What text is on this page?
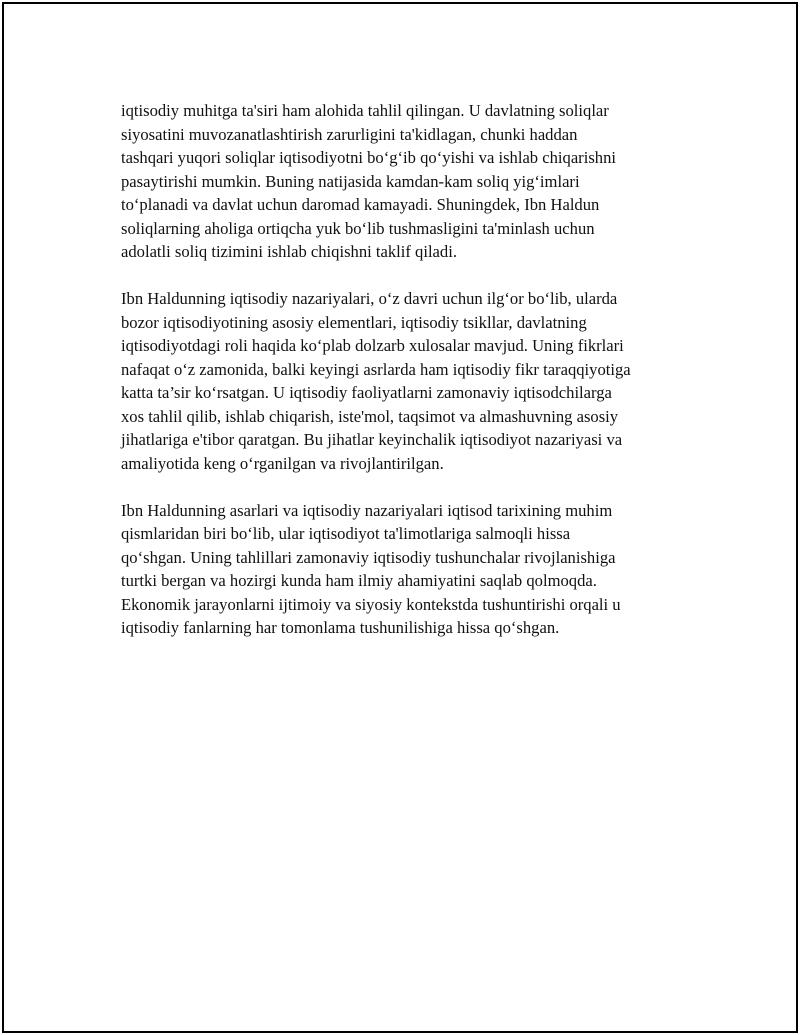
iqtisodiy muhitga ta'siri ham alohida tahlil qilingan. U davlatning soliqlar
siyosatini muvozanatlashtirish zarurligini ta'kidlagan, chunki haddan
tashqari yuqori soliqlar iqtisodiyotni bo‘g‘ib qo‘yishi va ishlab chiqarishni
pasaytirishi mumkin. Buning natijasida kamdan-kam soliq yig‘imlari
to‘planadi va davlat uchun daromad kamayadi. Shuningdek, Ibn Haldun
soliqlarning aholiga ortiqcha yuk bo‘lib tushmasligini ta'minlash uchun
adolatli soliq tizimini ishlab chiqishni taklif qiladi.

Ibn Haldunning iqtisodiy nazariyalari, o‘z davri uchun ilg‘or bo‘lib, ularda
bozor iqtisodiyotining asosiy elementlari, iqtisodiy tsikllar, davlatning
iqtisodiyotdagi roli haqida ko‘plab dolzarb xulosalar mavjud. Uning fikrlari
nafaqat o‘z zamonida, balki keyingi asrlarda ham iqtisodiy fikr taraqqiyotiga
katta ta’sir ko‘rsatgan. U iqtisodiy faoliyatlarni zamonaviy iqtisodchilarga
xos tahlil qilib, ishlab chiqarish, iste'mol, taqsimot va almashuvning asosiy
jihatlariga e'tibor qaratgan. Bu jihatlar keyinchalik iqtisodiyot nazariyasi va
amaliyotida keng o‘rganilgan va rivojlantirilgan.

Ibn Haldunning asarlari va iqtisodiy nazariyalari iqtisod tarixining muhim
qismlaridan biri bo‘lib, ular iqtisodiyot ta'limotlariga salmoqli hissa
qo‘shgan. Uning tahlillari zamonaviy iqtisodiy tushunchalar rivojlanishiga
turtki bergan va hozirgi kunda ham ilmiy ahamiyatini saqlab qolmoqda.
Ekonomik jarayonlarni ijtimoiy va siyosiy kontekstda tushuntirishi orqali u
iqtisodiy fanlarning har tomonlama tushunilishiga hissa qo‘shgan.
